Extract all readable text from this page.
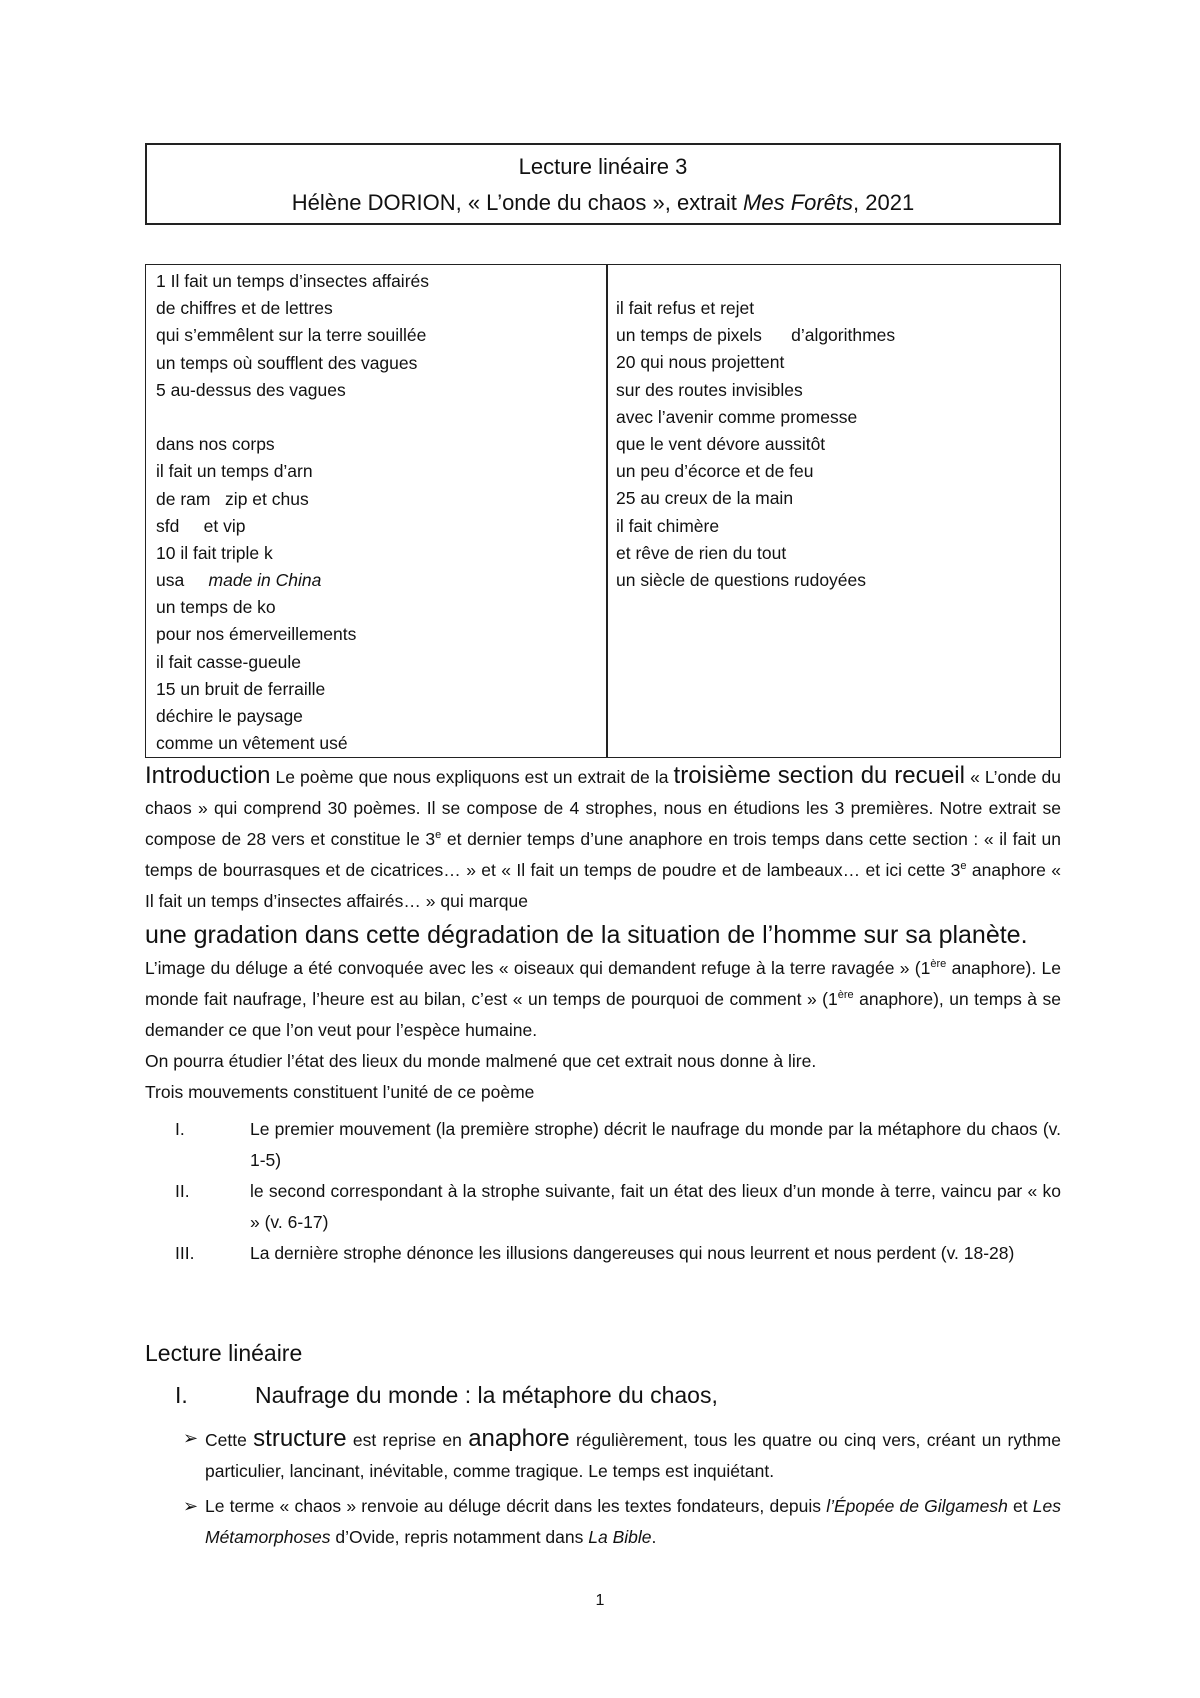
Lecture linéaire 3
Hélène DORION, « L’onde du chaos », extrait Mes Forêts, 2021
1 Il fait un temps d’insectes affairés
de chiffres et de lettres
qui s’emmêlent sur la terre souillée
un temps où soufflent des vagues
5 au-dessus des vagues
dans nos corps
il fait un temps d’arn
de ram   zip et chus
sfd     et vip
10 il fait triple k
usa     made in China
un temps de ko
pour nos émerveillements
il fait casse-gueule
15 un bruit de ferraille
déchire le paysage
comme un vêtement usé
il fait refus et rejet
un temps de pixels      d’algorithmes
20 qui nous projettent
sur des routes invisibles
avec l’avenir comme promesse
que le vent dévore aussitôt
un peu d’écorce et de feu
25 au creux de la main
il fait chimère
et rêve de rien du tout
un siècle de questions rudoyées

Introduction Le poème que nous expliquons est un extrait de la troisième section du recueil « L’onde du chaos » qui comprend 30 poèmes. Il se compose de 4 strophes, nous en étudions les 3 premières. Notre extrait se compose de 28 vers et constitue le 3e et dernier temps d’une anaphore en trois temps dans cette section : « il fait un temps de bourrasques et de cicatrices… » et « Il fait un temps de poudre et de lambeaux… et ici cette 3e anaphore « Il fait un temps d’insectes affairés… » qui marque

une gradation dans cette dégradation de la situation de l’homme sur sa planète.

L’image du déluge a été convoquée avec les « oiseaux qui demandent refuge à la terre ravagée » (1ère anaphore). Le monde fait naufrage, l’heure est au bilan, c’est « un temps de pourquoi de comment » (1ère anaphore), un temps à se demander ce que l’on veut pour l’espèce humaine.

On pourra étudier l’état des lieux du monde malmené que cet extrait nous donne à lire.

Trois mouvements constituent l’unité de ce poème

I.	Le premier mouvement (la première strophe) décrit le naufrage du monde par la métaphore du chaos (v. 1-5)
II.	le second correspondant à la strophe suivante, fait un état des lieux d’un monde à terre, vaincu par « ko » (v. 6-17)
III.	La dernière strophe dénonce les illusions dangereuses qui nous leurrent et nous perdent (v. 18-28)
Lecture linéaire
I.	Naufrage du monde : la métaphore du chaos,
➢ Cette structure est reprise en anaphore régulièrement, tous les quatre ou cinq vers, créant un rythme particulier, lancinant, inévitable, comme tragique. Le temps est inquiétant.
➢ Le terme « chaos » renvoie au déluge décrit dans les textes fondateurs, depuis l’Épopée de Gilgamesh et Les Métamorphoses d’Ovide, repris notamment dans La Bible.
1
